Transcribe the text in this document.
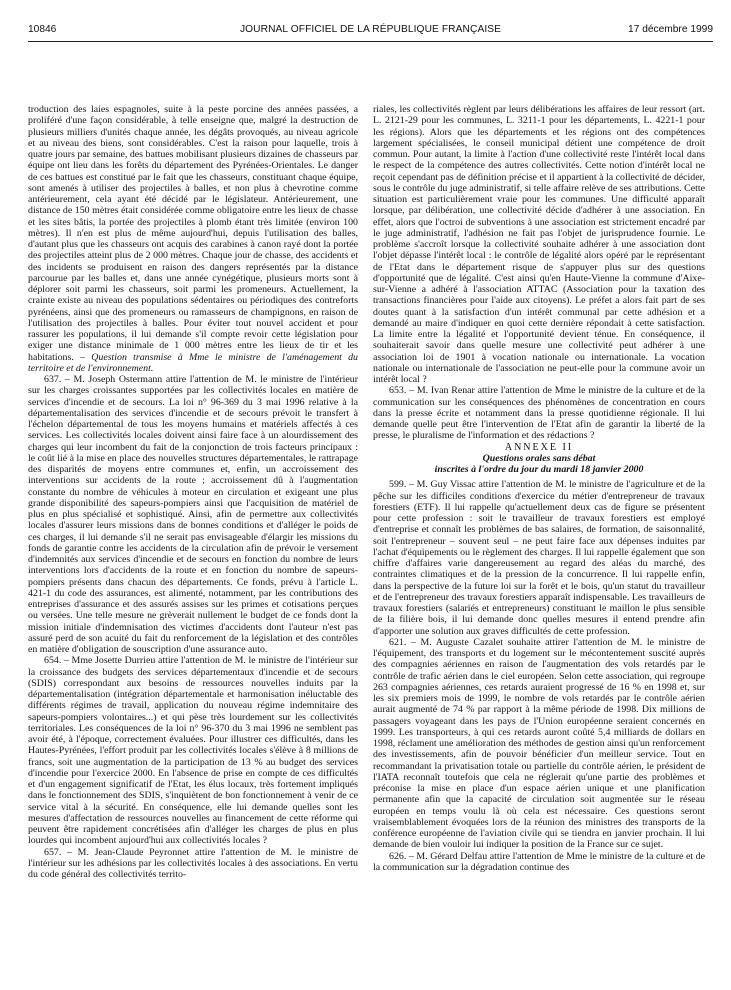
10846	JOURNAL OFFICIEL DE LA RÉPUBLIQUE FRANÇAISE	17 décembre 1999

troduction des laies espagnoles, suite à la peste porcine des années passées, a proliféré d'une façon considérable, à telle enseigne que, malgré la destruction de plusieurs milliers d'unités chaque année, les dégâts provoqués, au niveau agricole et au niveau des biens, sont considérables. C'est la raison pour laquelle, trois à quatre jours par semaine, des battues mobilisant plusieurs dizaines de chasseurs par équipe ont lieu dans les forêts du département des Pyrénées-Orientales. Le danger de ces battues est constitué par le fait que les chasseurs, constituant chaque équipe, sont amenés à utiliser des projectiles à balles, et non plus à chevrotine comme antérieurement, cela ayant été décidé par le législateur. Antérieurement, une distance de 150 mètres était considérée comme obligatoire entre les lieux de chasse et les sites bâtis, la portée des projectiles à plomb étant très limitée (environ 100 mètres). Il n'en est plus de même aujourd'hui, depuis l'utilisation des balles, d'autant plus que les chasseurs ont acquis des carabines à canon rayé dont la portée des projectiles atteint plus de 2 000 mètres. Chaque jour de chasse, des accidents et des incidents se produisent en raison des dangers représentés par la distance parcourue par les balles et, dans une année cynégétique, plusieurs morts sont à déplorer soit parmi les chasseurs, soit parmi les promeneurs. Actuellement, la crainte existe au niveau des populations sédentaires ou périodiques des contreforts pyrénéens, ainsi que des promeneurs ou ramasseurs de champignons, en raison de l'utilisation des projectiles à balles. Pour éviter tout nouvel accident et pour rassurer les populations, il lui demande s'il compte revoir cette législation pour exiger une distance minimale de 1 000 mètres entre les lieux de tir et les habitations. – Question transmise à Mme le ministre de l'aménagement du territoire et de l'environnement.

637. – M. Joseph Ostermann attire l'attention de M. le ministre de l'intérieur sur les charges croissantes supportées par les collectivités locales en matière de services d'incendie et de secours. La loi n° 96-369 du 3 mai 1996 relative à la départementalisation des services d'incendie et de secours prévoit le transfert à l'échelon départemental de tous les moyens humains et matériels affectés à ces services. Les collectivités locales doivent ainsi faire face à un alourdissement des charges qui leur incombent du fait de la conjonction de trois facteurs principaux : le coût lié à la mise en place des nouvelles structures départementales, le rattrapage des disparités de moyens entre communes et, enfin, un accroissement des interventions sur accidents de la route ; accroissement dû à l'augmentation constante du nombre de véhicules à moteur en circulation et exigeant une plus grande disponibilité des sapeurs-pompiers ainsi que l'acquisition de matériel de plus en plus spécialisé et sophistiqué. Ainsi, afin de permettre aux collectivités locales d'assurer leurs missions dans de bonnes conditions et d'alléger le poids de ces charges, il lui demande s'il ne serait pas envisageable d'élargir les missions du fonds de garantie contre les accidents de la circulation afin de prévoir le versement d'indemnités aux services d'incendie et de secours en fonction du nombre de leurs interventions lors d'accidents de la route et en fonction du nombre de sapeurs-pompiers présents dans chacun des départements. Ce fonds, prévu à l'article L. 421-1 du code des assurances, est alimenté, notamment, par les contributions des entreprises d'assurance et des assurés assises sur les primes et cotisations perçues ou versées. Une telle mesure ne grèverait nullement le budget de ce fonds dont la mission initiale d'indemnisation des victimes d'accidents dont l'auteur n'est pas assuré perd de son acuité du fait du renforcement de la législation et des contrôles en matière d'obligation de souscription d'une assurance auto.

654. – Mme Josette Durrieu attire l'attention de M. le ministre de l'intérieur sur la croissance des budgets des services départementaux d'incendie et de secours (SDIS) correspondant aux besoins de ressources nouvelles induits par la départementalisation (intégration départementale et harmonisation inéluctable des différents régimes de travail, application du nouveau régime indemnitaire des sapeurs-pompiers volontaires...) et qui pèse très lourdement sur les collectivités territoriales. Les conséquences de la loi n° 96-370 du 3 mai 1996 ne semblent pas avoir été, à l'époque, correctement évaluées. Pour illustrer ces difficultés, dans les Hautes-Pyrénées, l'effort produit par les collectivités locales s'élève à 8 millions de francs, soit une augmentation de la participation de 13 % au budget des services d'incendie pour l'exercice 2000. En l'absence de prise en compte de ces difficultés et d'un engagement significatif de l'Etat, les élus locaux, très fortement impliqués dans le fonctionnement des SDIS, s'inquiètent de bon fonctionnement à venir de ce service vital à la sécurité. En conséquence, elle lui demande quelles sont les mesures d'affectation de ressources nouvelles au financement de cette réforme qui peuvent être rapidement concrétisées afin d'alléger les charges de plus en plus lourdes qui incombent aujourd'hui aux collectivités locales ?

657. – M. Jean-Claude Peyronnet attire l'attention de M. le ministre de l'intérieur sur les adhésions par les collectivités locales à des associations. En vertu du code général des collectivités territo-

riales, les collectivités règlent par leurs délibérations les affaires de leur ressort (art. L. 2121-29 pour les communes, L. 3211-1 pour les départements, L. 4221-1 pour les régions). Alors que les départements et les régions ont des compétences largement spécialisées, le conseil municipal détient une compétence de droit commun. Pour autant, la limite à l'action d'une collectivité reste l'intérêt local dans le respect de la compétence des autres collectivités. Cette notion d'intérêt local ne reçoit cependant pas de définition précise et il appartient à la collectivité de décider, sous le contrôle du juge administratif, si telle affaire relève de ses attributions. Cette situation est particulièrement vraie pour les communes. Une difficulté apparaît lorsque, par délibération, une collectivité décide d'adhérer à une association. En effet, alors que l'octroi de subventions à une association est strictement encadré par le juge administratif, l'adhésion ne fait pas l'objet de jurisprudence fournie. Le problème s'accroît lorsque la collectivité souhaite adhérer à une association dont l'objet dépasse l'intérêt local : le contrôle de légalité alors opéré par le représentant de l'Etat dans le département risque de s'appuyer plus sur des questions d'opportunité que de légalité. C'est ainsi qu'en Haute-Vienne la commune d'Aixe-sur-Vienne a adhéré à l'association ATTAC (Association pour la taxation des transactions financières pour l'aide aux citoyens). Le préfet a alors fait part de ses doutes quant à la satisfaction d'un intérêt communal par cette adhésion et a demandé au maire d'indiquer en quoi cette dernière répondait à cette satisfaction. La limite entre la légalité et l'opportunité devient ténue. En conséquence, il souhaiterait savoir dans quelle mesure une collectivité peut adhérer à une association loi de 1901 à vocation nationale ou internationale. La vocation nationale ou internationale de l'association ne peut-elle pour la commune avoir un intérêt local ?

653. – M. Ivan Renar attire l'attention de Mme le ministre de la culture et de la communication sur les conséquences des phénomènes de concentration en cours dans la presse écrite et notamment dans la presse quotidienne régionale. Il lui demande quelle peut être l'intervention de l'Etat afin de garantir la liberté de la presse, le pluralisme de l'information et des rédactions ?

ANNEXE II

Questions orales sans débat
inscrites à l'ordre du jour du mardi 18 janvier 2000

599. – M. Guy Vissac attire l'attention de M. le ministre de l'agriculture et de la pêche sur les difficiles conditions d'exercice du métier d'entrepreneur de travaux forestiers (ETF). Il lui rappelle qu'actuellement deux cas de figure se présentent pour cette profession : soit le travailleur de travaux forestiers est employé d'entreprise et connaît les problèmes de bas salaires, de formation, de saisonnalité, soit l'entrepreneur – souvent seul – ne peut faire face aux dépenses induites par l'achat d'équipements ou le règlement des charges. Il lui rappelle également que son chiffre d'affaires varie dangereusement au regard des aléas du marché, des contraintes climatiques et de la pression de la concurrence. Il lui rappelle enfin, dans la perspective de la future loi sur la forêt et le bois, qu'un statut du travailleur et de l'entrepreneur des travaux forestiers apparaît indispensable. Les travailleurs de travaux forestiers (salariés et entrepreneurs) constituant le maillon le plus sensible de la filière bois, il lui demande donc quelles mesures il entend prendre afin d'apporter une solution aux graves difficultés de cette profession.

621. – M. Auguste Cazalet souhaite attirer l'attention de M. le ministre de l'équipement, des transports et du logement sur le mécontentement suscité auprès des compagnies aériennes en raison de l'augmentation des vols retardés par le contrôle de trafic aérien dans le ciel européen. Selon cette association, qui regroupe 263 compagnies aériennes, ces retards auraient progressé de 16 % en 1998 et, sur les six premiers mois de 1999, le nombre de vols retardés par le contrôle aérien aurait augmenté de 74 % par rapport à la même période de 1998. Dix millions de passagers voyageant dans les pays de l'Union européenne seraient concernés en 1999. Les transporteurs, à qui ces retards auront coûté 5,4 milliards de dollars en 1998, réclament une amélioration des méthodes de gestion ainsi qu'un renforcement des investissements, afin de pouvoir bénéficier d'un meilleur service. Tout en recommandant la privatisation totale ou partielle du contrôle aérien, le président de l'IATA reconnaît toutefois que cela ne réglerait qu'une partie des problèmes et préconise la mise en place d'un espace aérien unique et une planification permanente afin que la capacité de circulation soit augmentée sur le réseau européen en temps voulu là où cela est nécessaire. Ces questions seront vraisemblablement évoquées lors de la réunion des ministres des transports de la conférence européenne de l'aviation civile qui se tiendra en janvier prochain. Il lui demande de bien vouloir lui indiquer la position de la France sur ce sujet.

626. – M. Gérard Delfau attire l'attention de Mme le ministre de la culture et de la communication sur la dégradation continue des
